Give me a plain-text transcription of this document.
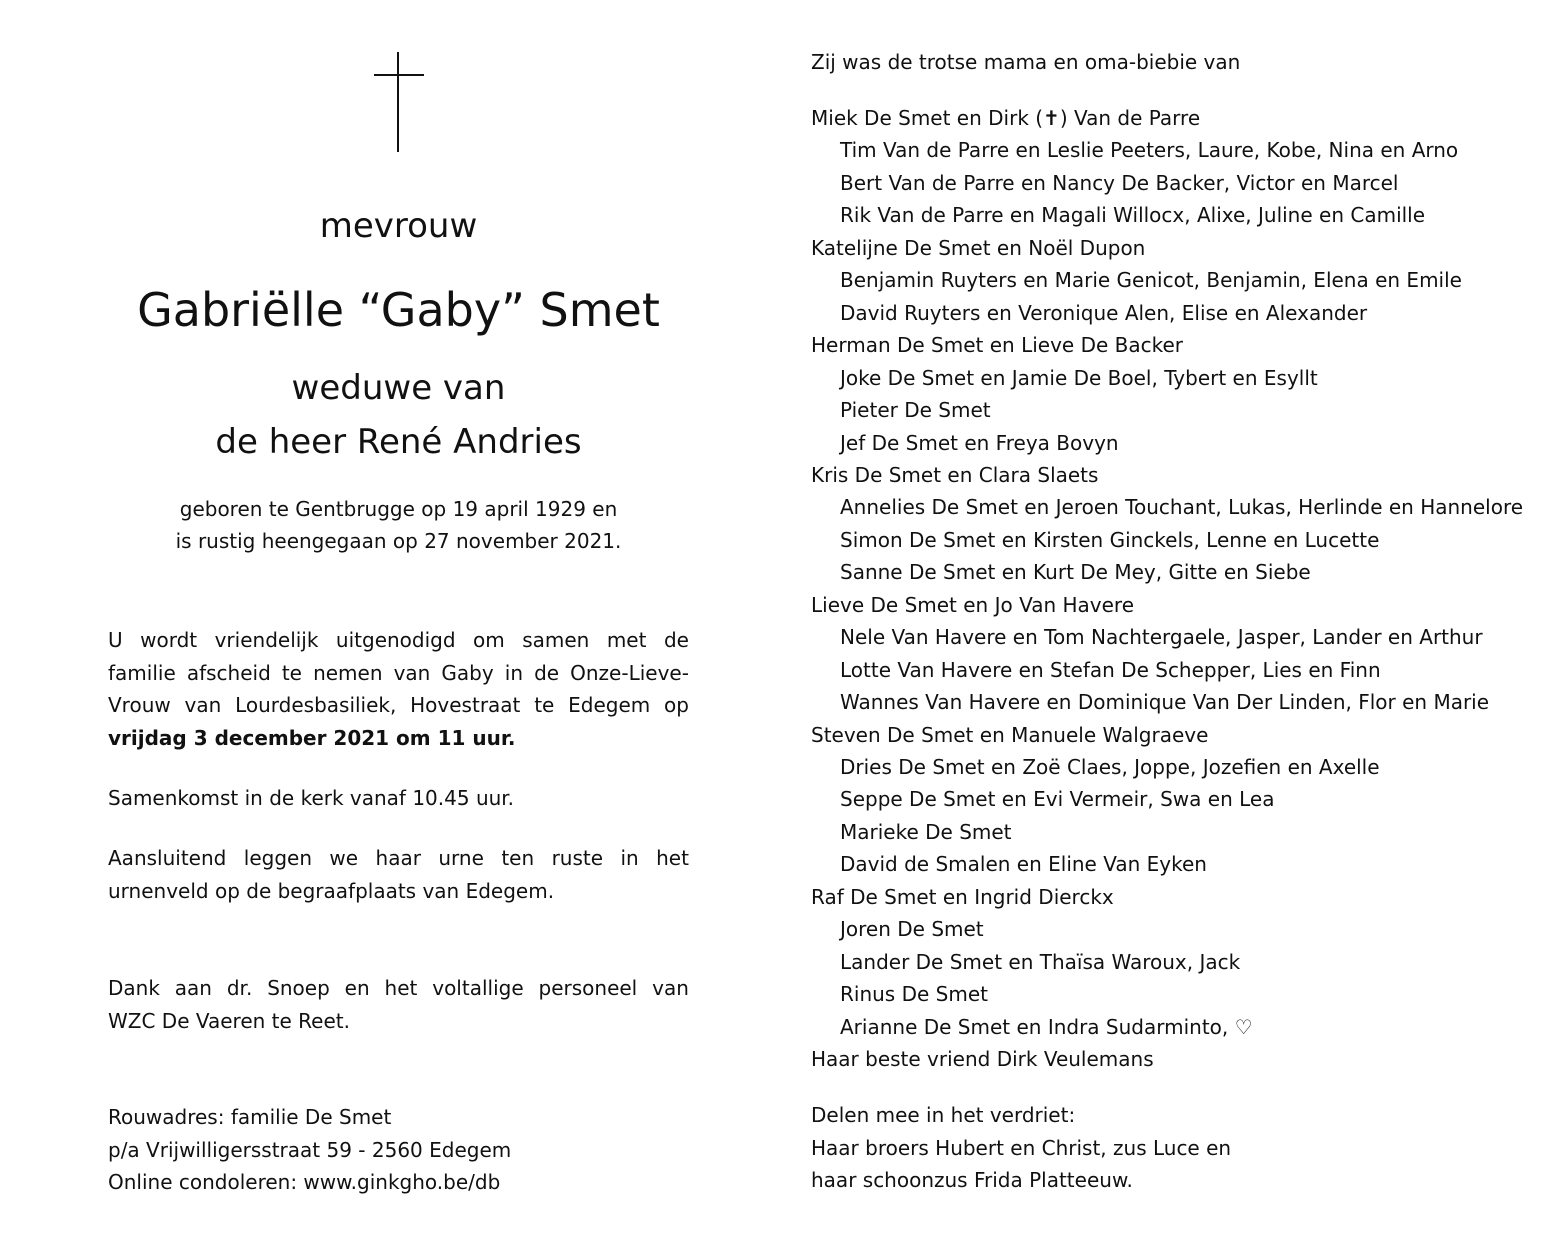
mevrouw
Gabriëlle “Gaby” Smet
weduwe van
de heer René Andries
geboren te Gentbrugge op 19 april 1929 en
is rustig heengegaan op 27 november 2021.
U wordt vriendelijk uitgenodigd om samen met de
familie afscheid te nemen van Gaby in de Onze-Lieve-
Vrouw van Lourdesbasiliek, Hovestraat te Edegem op
vrijdag 3 december 2021 om 11 uur.
Samenkomst in de kerk vanaf 10.45 uur.
Aansluitend leggen we haar urne ten ruste in het
urnenveld op de begraafplaats van Edegem.
Dank aan dr. Snoep en het voltallige personeel van
WZC De Vaeren te Reet.
Rouwadres: familie De Smet
p/a Vrijwilligersstraat 59 - 2560 Edegem
Online condoleren: www.ginkgho.be/db
Zij was de trotse mama en oma-biebie van
Miek De Smet en Dirk (✝) Van de Parre
Tim Van de Parre en Leslie Peeters, Laure, Kobe, Nina en Arno
Bert Van de Parre en Nancy De Backer, Victor en Marcel
Rik Van de Parre en Magali Willocx, Alixe, Juline en Camille
Katelijne De Smet en Noël Dupon
Benjamin Ruyters en Marie Genicot, Benjamin, Elena en Emile
David Ruyters en Veronique Alen, Elise en Alexander
Herman De Smet en Lieve De Backer
Joke De Smet en Jamie De Boel, Tybert en Esyllt
Pieter De Smet
Jef De Smet en Freya Bovyn
Kris De Smet en Clara Slaets
Annelies De Smet en Jeroen Touchant, Lukas, Herlinde en Hannelore
Simon De Smet en Kirsten Ginckels, Lenne en Lucette
Sanne De Smet en Kurt De Mey, Gitte en Siebe
Lieve De Smet en Jo Van Havere
Nele Van Havere en Tom Nachtergaele, Jasper, Lander en Arthur
Lotte Van Havere en Stefan De Schepper, Lies en Finn
Wannes Van Havere en Dominique Van Der Linden, Flor en Marie
Steven De Smet en Manuele Walgraeve
Dries De Smet en Zoë Claes, Joppe, Jozefien en Axelle
Seppe De Smet en Evi Vermeir, Swa en Lea
Marieke De Smet
David de Smalen en Eline Van Eyken
Raf De Smet en Ingrid Dierckx
Joren De Smet
Lander De Smet en Thaïsa Waroux, Jack
Rinus De Smet
Arianne De Smet en Indra Sudarminto, ♡
Haar beste vriend Dirk Veulemans
Delen mee in het verdriet:
Haar broers Hubert en Christ, zus Luce en
haar schoonzus Frida Platteeuw.
